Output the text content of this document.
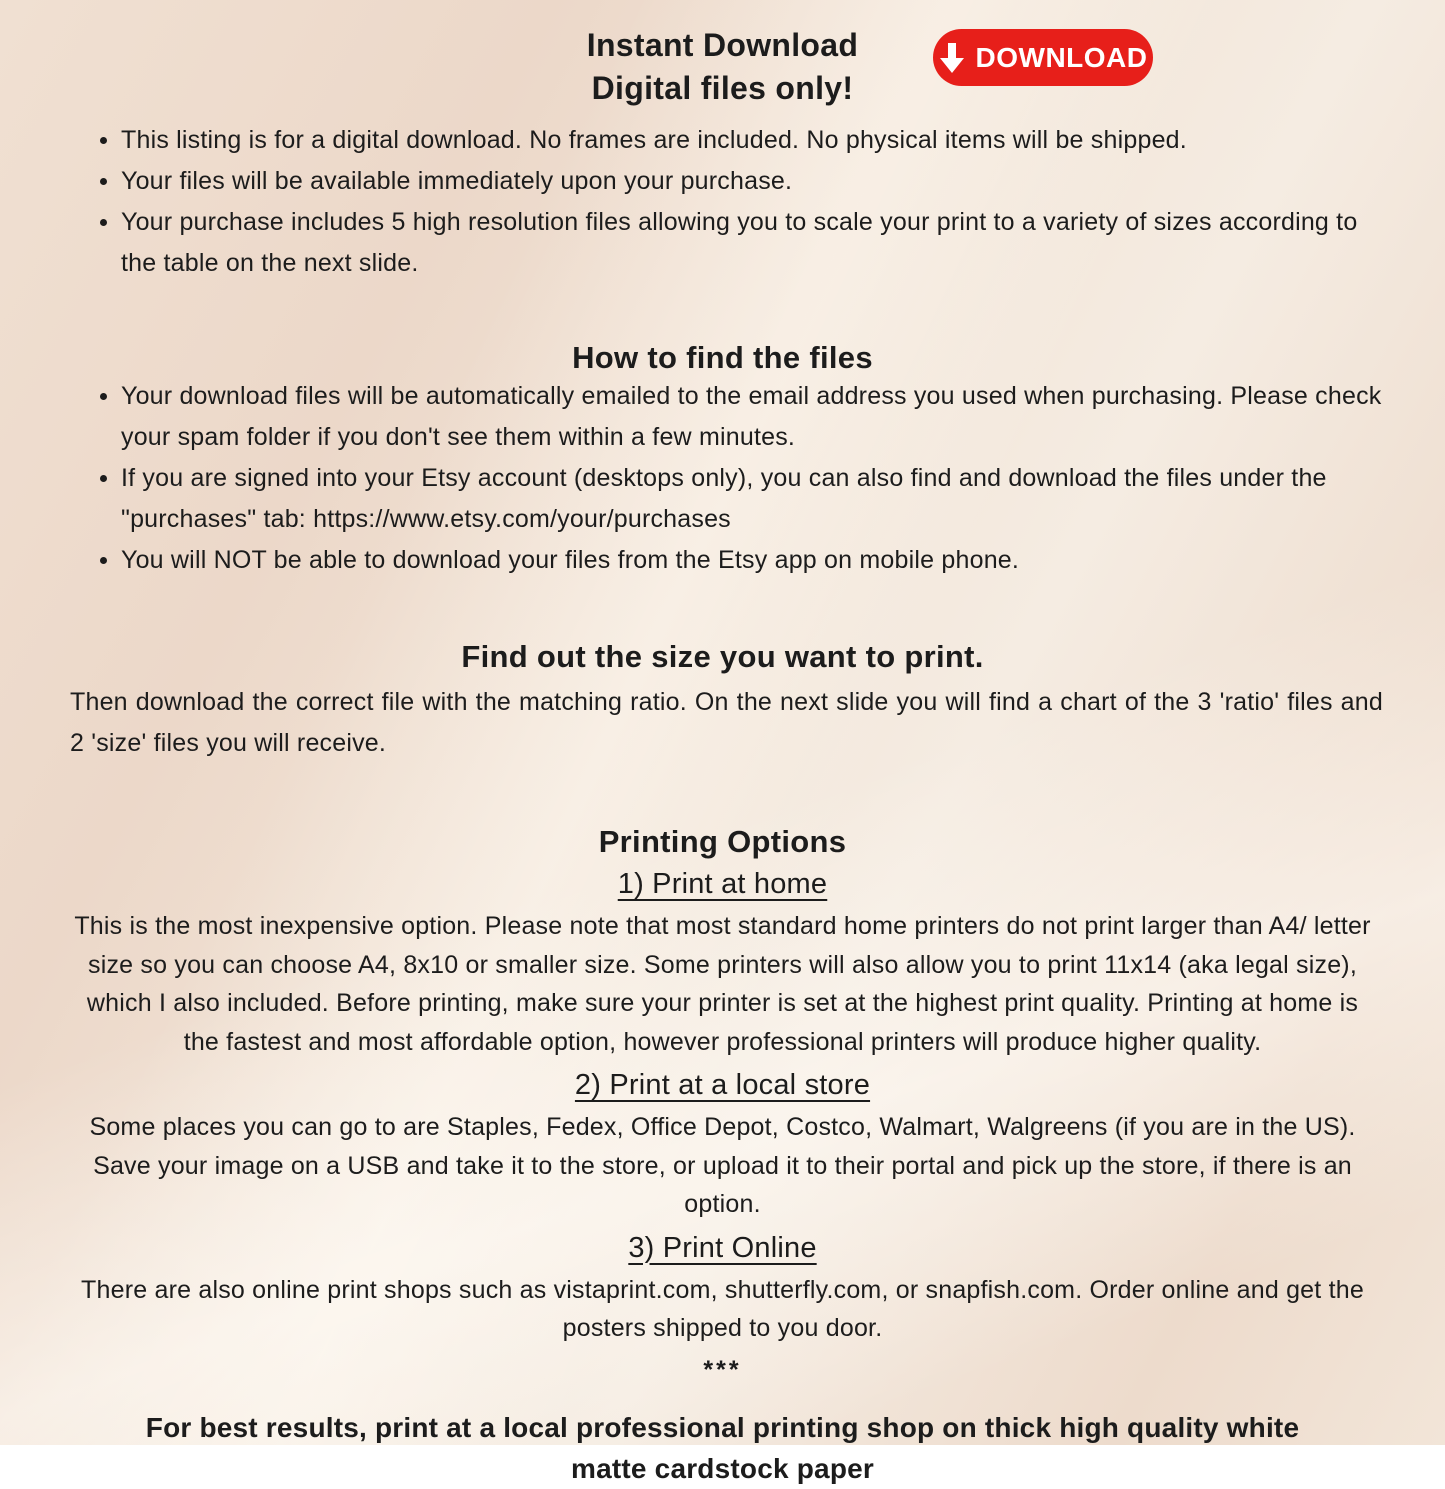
Instant Download
Digital files only!
DOWNLOAD
This listing is for a digital download. No frames are included. No physical items will be shipped.
Your files will be available immediately upon your purchase.
Your purchase includes 5 high resolution files allowing you to scale your print to a variety of sizes according to the table on the next slide.
How to find the files
Your download files will be automatically emailed to the email address you used when purchasing. Please check your spam folder if you don't see them within a few minutes.
If you are signed into your Etsy account (desktops only), you can also find and download the files under the "purchases" tab: https://www.etsy.com/your/purchases
You will NOT be able to download your files from the Etsy app on mobile phone.
Find out the size you want to print.

Then download the correct file with the matching ratio. On the next slide you will find a chart of the 3 'ratio' files and 2 'size' files you will receive.

Printing Options
1) Print at home

This is the most inexpensive option. Please note that most standard home printers do not print larger than A4/ letter size so you can choose A4, 8x10 or smaller size. Some printers will also allow you to print 11x14 (aka legal size), which I also included. Before printing, make sure your printer is set at the highest print quality. Printing at home is the fastest and most affordable option, however professional printers will produce higher quality.

2) Print at a local store

Some places you can go to are Staples, Fedex, Office Depot, Costco, Walmart, Walgreens (if you are in the US). Save your image on a USB and take it to the store, or upload it to their portal and pick up the store, if there is an option.

3) Print Online

There are also online print shops such as vistaprint.com, shutterfly.com, or snapfish.com. Order online and get the posters shipped to you door.

***
For best results, print at a local professional printing shop on thick high quality white
matte cardstock paper
